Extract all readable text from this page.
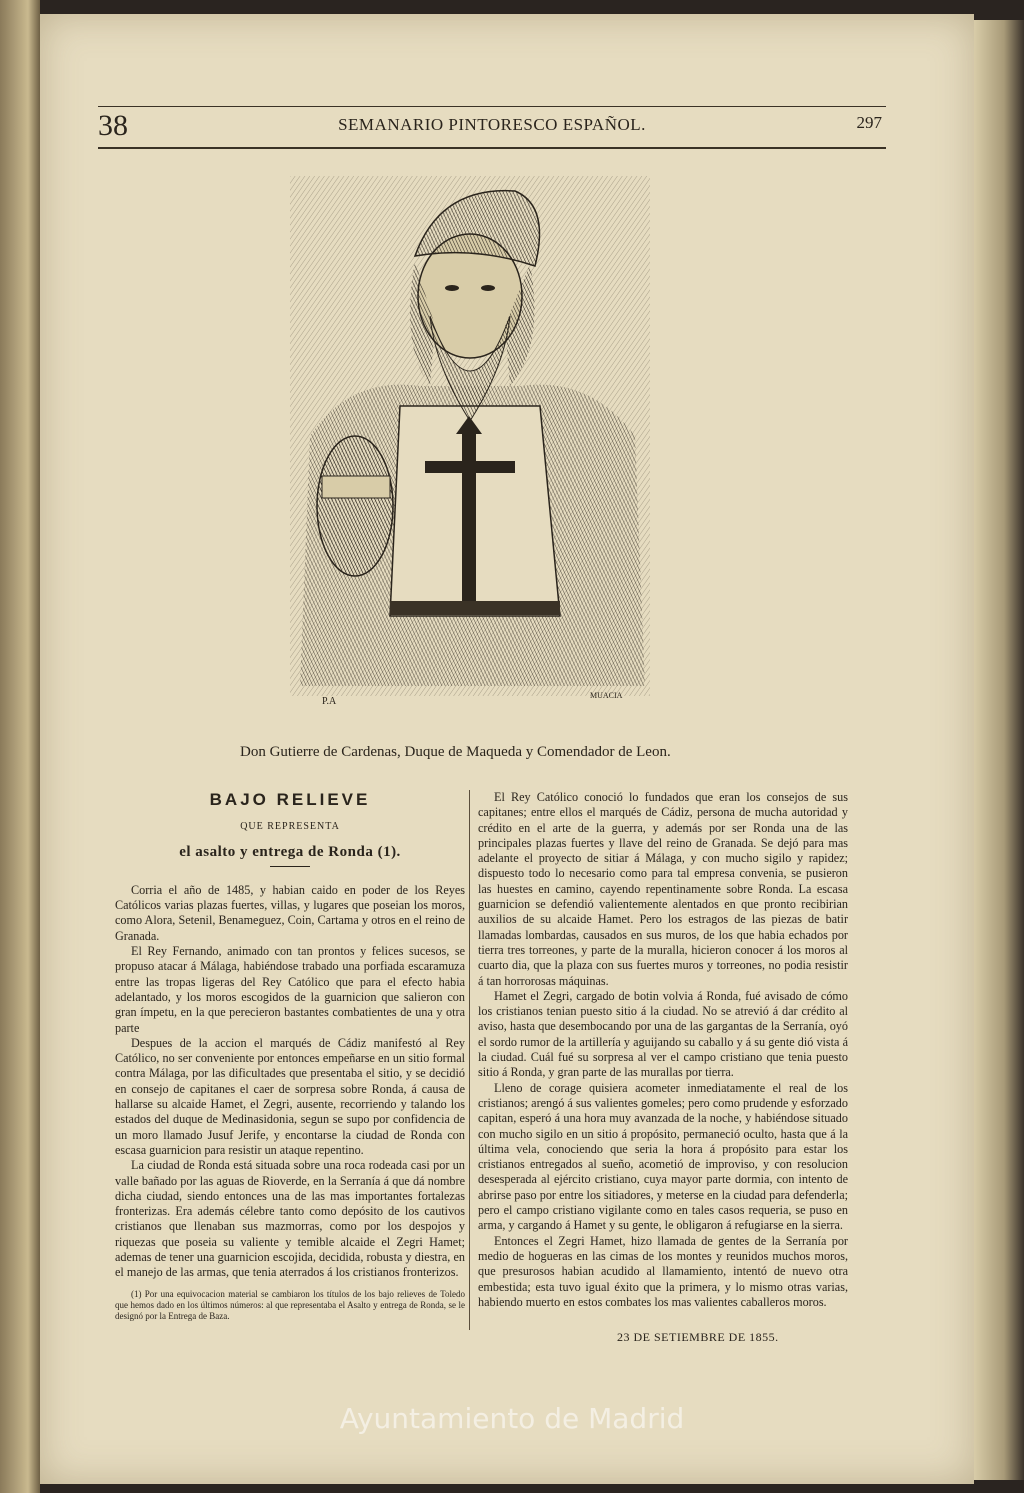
38	SEMANARIO PINTORESCO ESPAÑOL.	297
P.A
MUACIA
Don Gutierre de Cardenas, Duque de Maqueda y Comendador de Leon.
BAJO RELIEVE
QUE REPRESENTA
el asalto y entrega de Ronda (1).

Corria el año de 1485, y habian caido en poder de los Reyes Católicos varias plazas fuertes, villas, y lugares que poseian los moros, como Alora, Setenil, Benameguez, Coin, Cartama y otros en el reino de Granada.

El Rey Fernando, animado con tan prontos y felices sucesos, se propuso atacar á Málaga, habiéndose trabado una porfiada escaramuza entre las tropas ligeras del Rey Católico que para el efecto habia adelantado, y los moros escogidos de la guarnicion que salieron con gran ímpetu, en la que perecieron bastantes combatientes de una y otra parte

Despues de la accion el marqués de Cádiz manifestó al Rey Católico, no ser conveniente por entonces empeñarse en un sitio formal contra Málaga, por las dificultades que presentaba el sitio, y se decidió en consejo de capitanes el caer de sorpresa sobre Ronda, á causa de hallarse su alcaide Hamet, el Zegri, ausente, recorriendo y talando los estados del duque de Medinasidonia, segun se supo por confidencia de un moro llamado Jusuf Jerife, y encontarse la ciudad de Ronda con escasa guarnicion para resistir un ataque repentino.

La ciudad de Ronda está situada sobre una roca rodeada casi por un valle bañado por las aguas de Rioverde, en la Serranía á que dá nombre dicha ciudad, siendo entonces una de las mas importantes fortalezas fronterizas. Era además célebre tanto como depósito de los cautivos cristianos que llenaban sus mazmorras, como por los despojos y riquezas que poseia su valiente y temible alcaide el Zegri Hamet; ademas de tener una guarnicion escojida, decidida, robusta y diestra, en el manejo de las armas, que tenia aterrados á los cristianos fronterizos.

(1) Por una equivocacion material se cambiaron los títulos de los bajo relieves de Toledo que hemos dado en los últimos números: al que representaba el Asalto y entrega de Ronda, se le designó por la Entrega de Baza.

El Rey Católico conoció lo fundados que eran los consejos de sus capitanes; entre ellos el marqués de Cádiz, persona de mucha autoridad y crédito en el arte de la guerra, y además por ser Ronda una de las principales plazas fuertes y llave del reino de Granada. Se dejó para mas adelante el proyecto de sitiar á Málaga, y con mucho sigilo y rapidez; dispuesto todo lo necesario como para tal empresa convenia, se pusieron las huestes en camino, cayendo repentinamente sobre Ronda. La escasa guarnicion se defendió valientemente alentados en que pronto recibirian auxilios de su alcaide Hamet. Pero los estragos de las piezas de batir llamadas lombardas, causados en sus muros, de los que habia echados por tierra tres torreones, y parte de la muralla, hicieron conocer á los moros al cuarto dia, que la plaza con sus fuertes muros y torreones, no podia resistir á tan horrorosas máquinas.

Hamet el Zegri, cargado de botin volvia á Ronda, fué avisado de cómo los cristianos tenian puesto sitio á la ciudad. No se atrevió á dar crédito al aviso, hasta que desembocando por una de las gargantas de la Serranía, oyó el sordo rumor de la artillería y aguijando su caballo y á su gente dió vista á la ciudad. Cuál fué su sorpresa al ver el campo cristiano que tenia puesto sitio á Ronda, y gran parte de las murallas por tierra.

Lleno de corage quisiera acometer inmediatamente el real de los cristianos; arengó á sus valientes gomeles; pero como prudende y esforzado capitan, esperó á una hora muy avanzada de la noche, y habiéndose situado con mucho sigilo en un sitio á propósito, permaneció oculto, hasta que á la última vela, conociendo que seria la hora á propósito para estar los cristianos entregados al sueño, acometió de improviso, y con resolucion desesperada al ejército cristiano, cuya mayor parte dormia, con intento de abrirse paso por entre los sitiadores, y meterse en la ciudad para defenderla; pero el campo cristiano vigilante como en tales casos requeria, se puso en arma, y cargando á Hamet y su gente, le obligaron á refugiarse en la sierra.

Entonces el Zegri Hamet, hizo llamada de gentes de la Serranía por medio de hogueras en las cimas de los montes y reunidos muchos moros, que presurosos habian acudido al llamamiento, intentó de nuevo otra embestida; esta tuvo igual éxito que la primera, y lo mismo otras varias, habiendo muerto en estos combates los mas valientes caballeros moros.

23 DE SETIEMBRE DE 1855.
Ayuntamiento de Madrid
